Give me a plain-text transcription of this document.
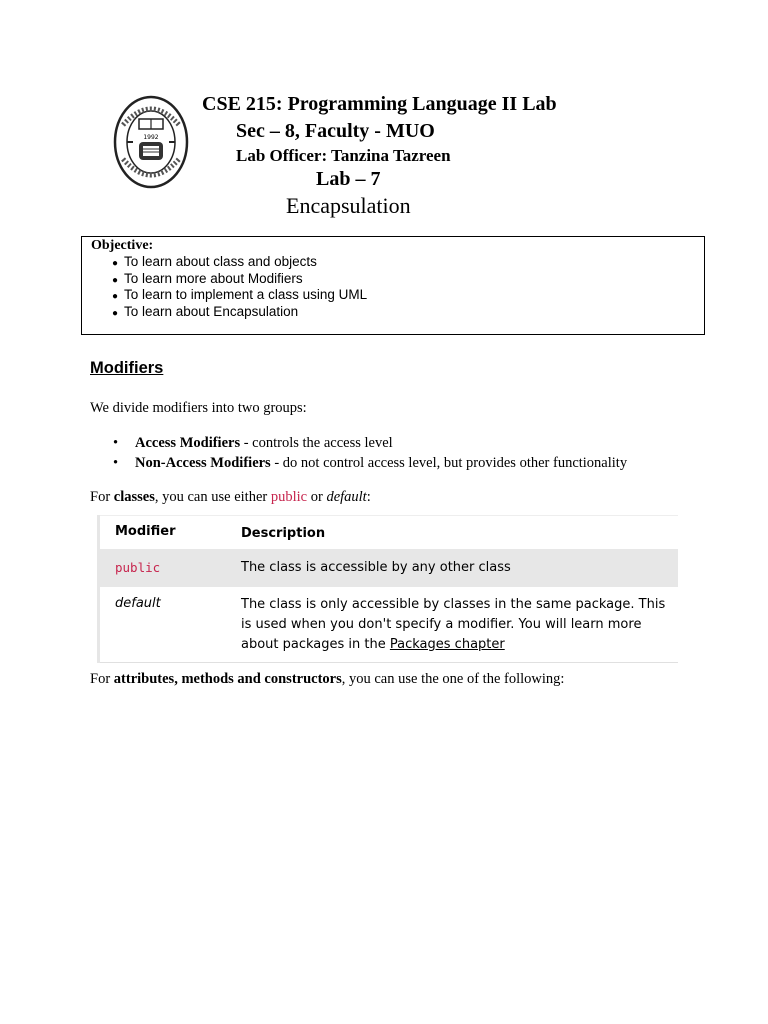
1992
CSE 215: Programming Language II Lab
Sec – 8, Faculty - MUO
Lab Officer: Tanzina Tazreen
Lab – 7
Encapsulation
Objective:
● To learn about class and objects
● To learn more about Modifiers
● To learn to implement a class using UML
● To learn about Encapsulation
Modifiers
We divide modifiers into two groups:
• Access Modifiers - controls the access level
• Non-Access Modifiers - do not control access level, but provides other functionality
For classes, you can use either public or default:
Modifier	Description
public	The class is accessible by any other class
default	The class is only accessible by classes in the same package. This is used when you don't specify a modifier. You will learn more about packages in the Packages chapter
For attributes, methods and constructors, you can use the one of the following:
